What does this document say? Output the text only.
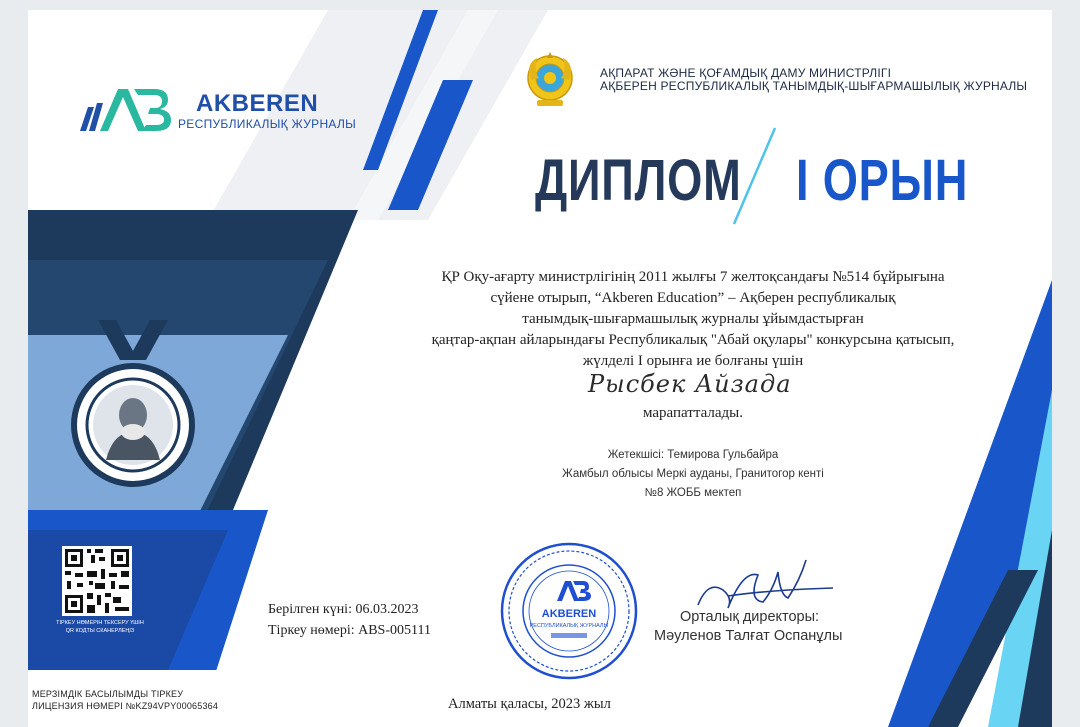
AKBEREN
РЕСПУБЛИКАЛЫҚ ЖУРНАЛЫ
АҚПАРАТ ЖӘНЕ ҚОҒАМДЫҚ ДАМУ МИНИСТРЛІГІ
АҚБЕРЕН РЕСПУБЛИКАЛЫҚ ТАНЫМДЫҚ-ШЫҒАРМАШЫЛЫҚ ЖУРНАЛЫ
ДИПЛОМ I ОРЫН
ҚР Оқу-ағарту министрлігінің 2011 жылғы 7 желтоқсандағы №514 бұйрығына
сүйене отырып, “Akberen Education” – Ақберен республикалық
танымдық-шығармашылық журналы ұйымдастырған
қаңтар-ақпан айларындағы Республикалық "Абай оқулары" конкурсына қатысып,
жүлделі I орынға ие болғаны үшін
Рысбек Айзада
марапатталады.
Жетекшісі: Темирова Гульбайра
Жамбыл облысы Меркі ауданы, Гранитогор кенті
№8 ЖОББ мектеп
ТІРКЕУ НӨМЕРІН ТЕКСЕРУ ҮШІН
QR КОДТЫ СКАНЕРЛЕҢІЗ
Берілген күні: 06.03.2023
Тіркеу нөмері: ABS-005111
AKBEREN
РЕСПУБЛИКАЛЫҚ ЖУРНАЛЫ
Орталық директоры:
Мәуленов Талғат Оспанұлы
МЕРЗІМДІК БАСЫЛЫМДЫ ТІРКЕУ
ЛИЦЕНЗИЯ НӨМЕРІ №KZ94VPY00065364	Алматы қаласы, 2023 жыл
